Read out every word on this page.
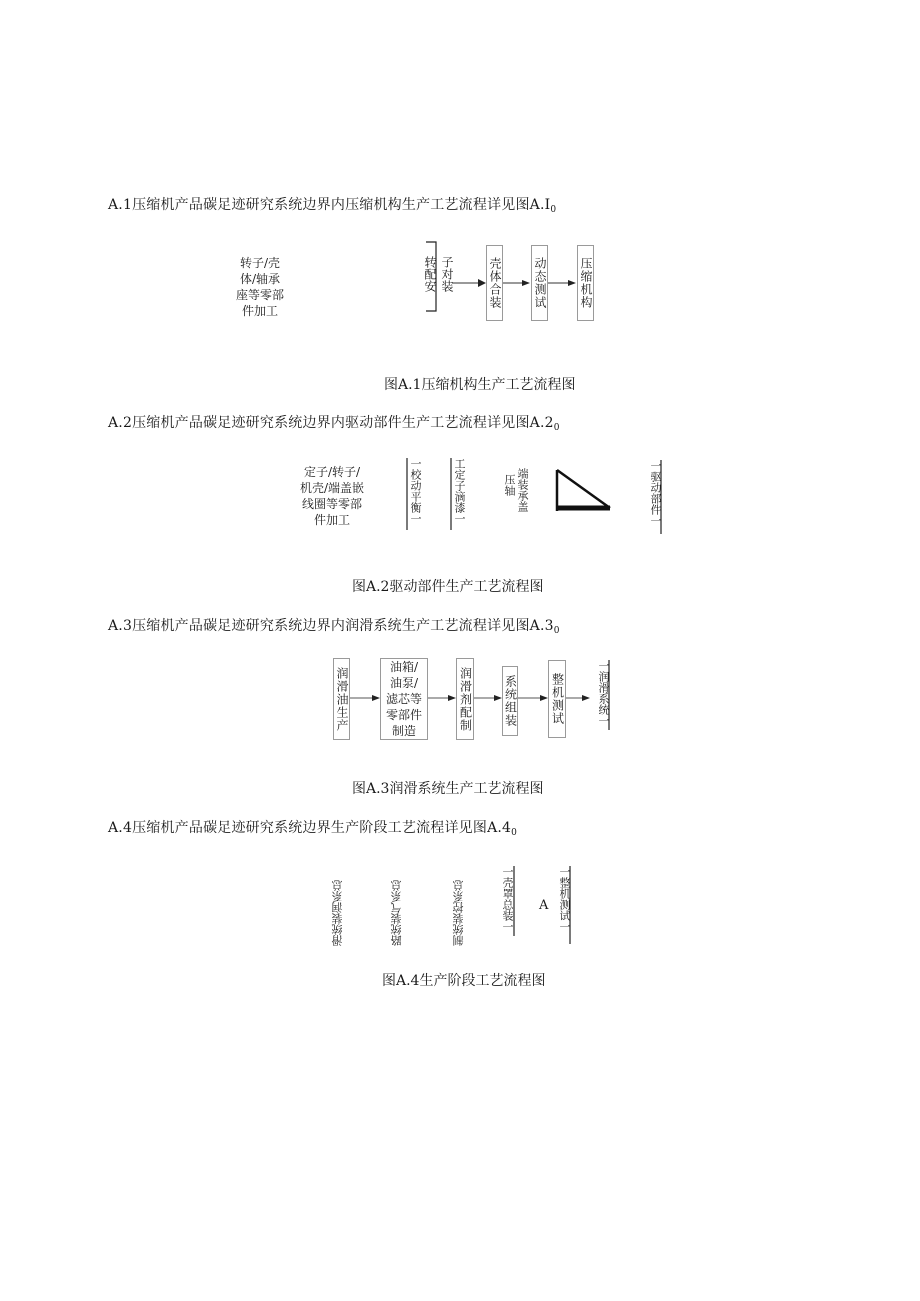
A.1压缩机产品碳足迹研究系统边界内压缩机构生产工艺流程详见图$A.I_0$
转子/壳
体/轴承
座等零部
件加工
转配安 子对装	壳体合装	动态测试	压缩机构
图A.1压缩机构生产工艺流程图
A.2压缩机产品碳足迹研究系统边界内驱动部件生产工艺流程详见图$A.2_0$
定子/转子/
机壳/端盖嵌
线圈等零部
件加工	一校动平衡一	工定子滴漆一	压轴 端装承盖	一驱动部件一
图A.2驱动部件生产工艺流程图
A.3压缩机产品碳足迹研究系统边界内润滑系统生产工艺流程详见图$A.3_0$
润滑油生产	油箱/
油泵/
滤芯等
零部件
制造	润滑剂配制	系统组装	整机测试	一润滑系统一
图A.3润滑系统生产工艺流程图
A.4压缩机产品碳足迹研究系统边界生产阶段工艺流程详见图$A.4_0$
滑统装润系总	路统装气系总	制统装控系总	一壳罩总装一 A 一整机测试一
图A.4生产阶段工艺流程图
